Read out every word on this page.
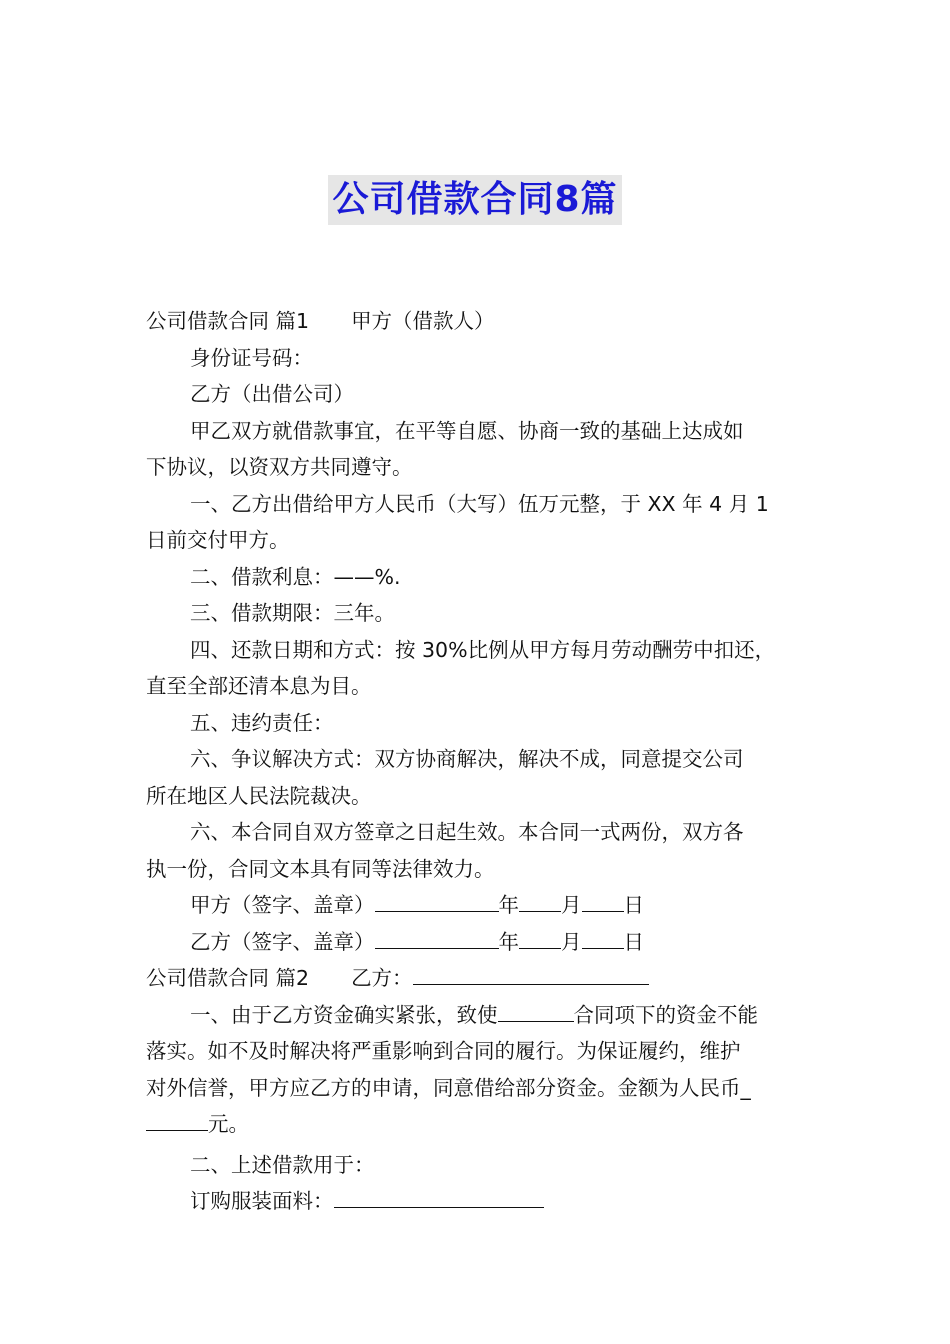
公司借款合同8篇

公司借款合同 篇1 甲方（借款人）

身份证号码：

乙方（出借公司）

甲乙双方就借款事宜，在平等自愿、协商一致的基础上达成如

下协议，以资双方共同遵守。

一、乙方出借给甲方人民币（大写）伍万元整，于 XX 年 4 月 1

日前交付甲方。

二、借款利息：——%.

三、借款期限：三年。

四、还款日期和方式：按 30%比例从甲方每月劳动酬劳中扣还，

直至全部还清本息为目。

五、违约责任：

六、争议解决方式：双方协商解决，解决不成，同意提交公司

所在地区人民法院裁决。

六、本合同自双方签章之日起生效。本合同一式两份，双方各

执一份，合同文本具有同等法律效力。

甲方（签字、盖章）	年 月 日

乙方（签字、盖章）	年 月 日

公司借款合同 篇2 乙方：

一、由于乙方资金确实紧张，致使	合同项下的资金不能

落实。如不及时解决将严重影响到合同的履行。为保证履约，维护

对外信誉，甲方应乙方的申请，同意借给部分资金。金额为人民币_

元。

二、上述借款用于：

订购服装面料：
